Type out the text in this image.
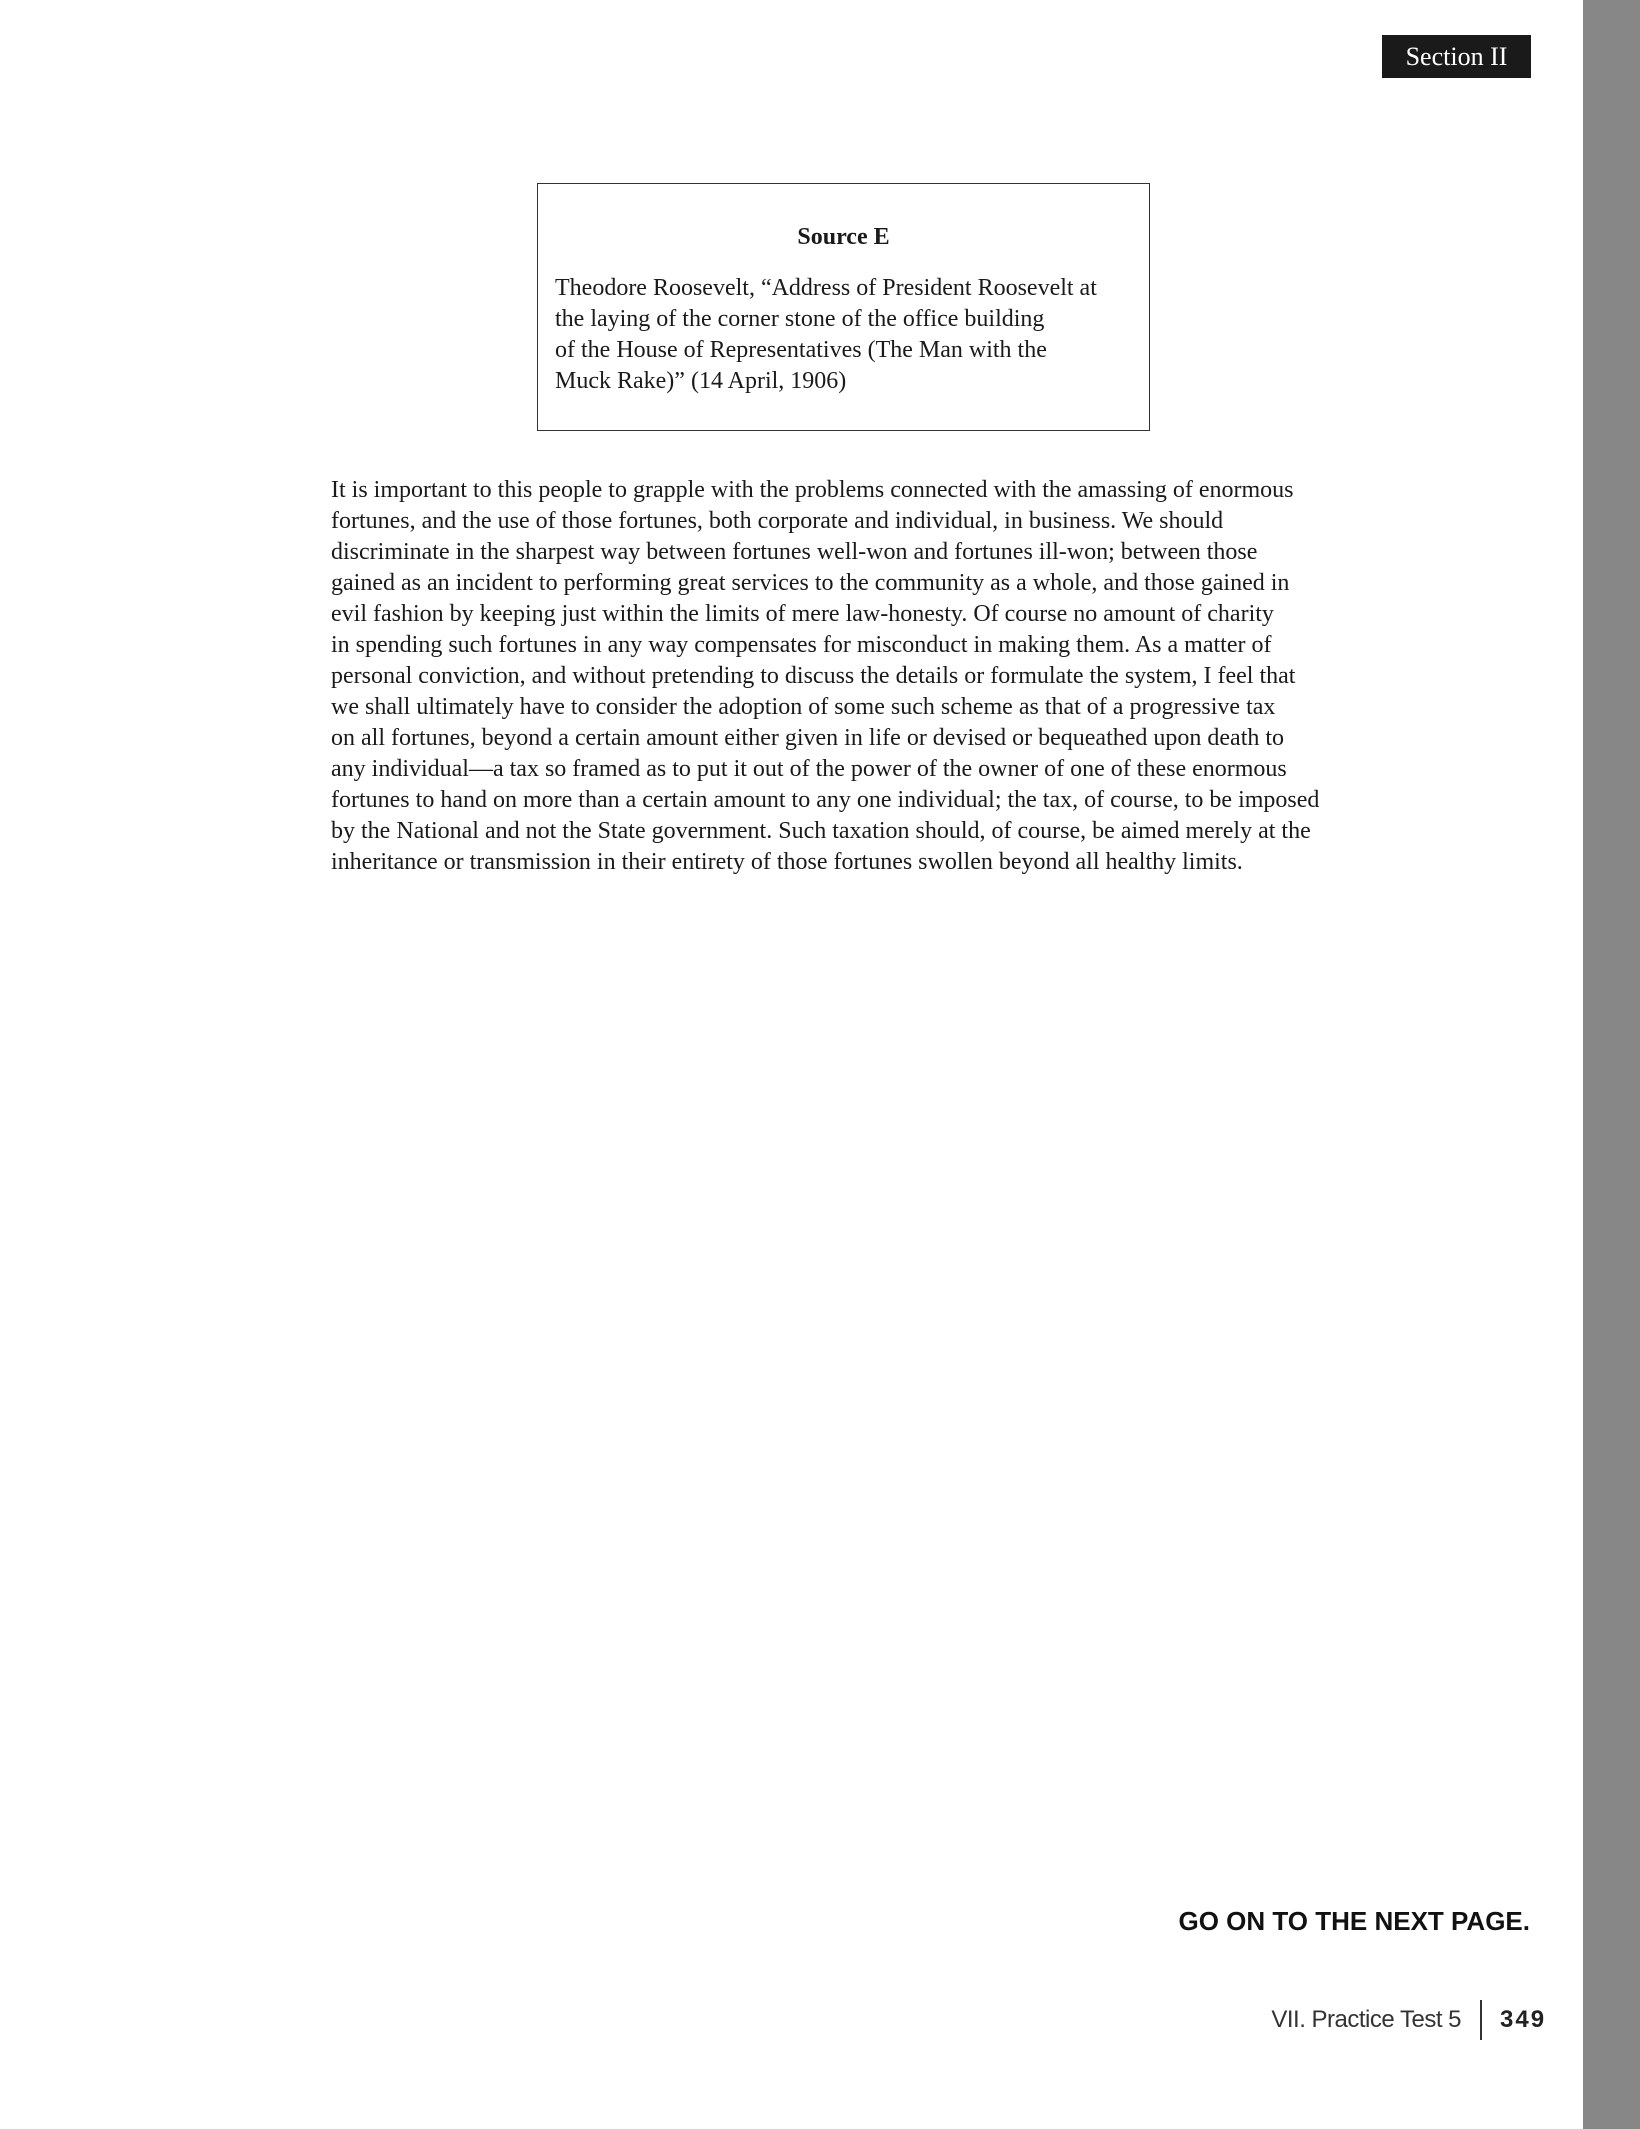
Section II
Source E

Theodore Roosevelt, “Address of President Roosevelt at
the laying of the corner stone of the office building
of the House of Representatives (The Man with the
Muck Rake)” (14 April, 1906)

It is important to this people to grapple with the problems connected with the amassing of enormous
fortunes, and the use of those fortunes, both corporate and individual, in business. We should
discriminate in the sharpest way between fortunes well-won and fortunes ill-won; between those
gained as an incident to performing great services to the community as a whole, and those gained in
evil fashion by keeping just within the limits of mere law-honesty. Of course no amount of charity
in spending such fortunes in any way compensates for misconduct in making them. As a matter of
personal conviction, and without pretending to discuss the details or formulate the system, I feel that
we shall ultimately have to consider the adoption of some such scheme as that of a progressive tax
on all fortunes, beyond a certain amount either given in life or devised or bequeathed upon death to
any individual—a tax so framed as to put it out of the power of the owner of one of these enormous
fortunes to hand on more than a certain amount to any one individual; the tax, of course, to be imposed
by the National and not the State government. Such taxation should, of course, be aimed merely at the
inheritance or transmission in their entirety of those fortunes swollen beyond all healthy limits.
GO ON TO THE NEXT PAGE.
VII. Practice Test 5 349
